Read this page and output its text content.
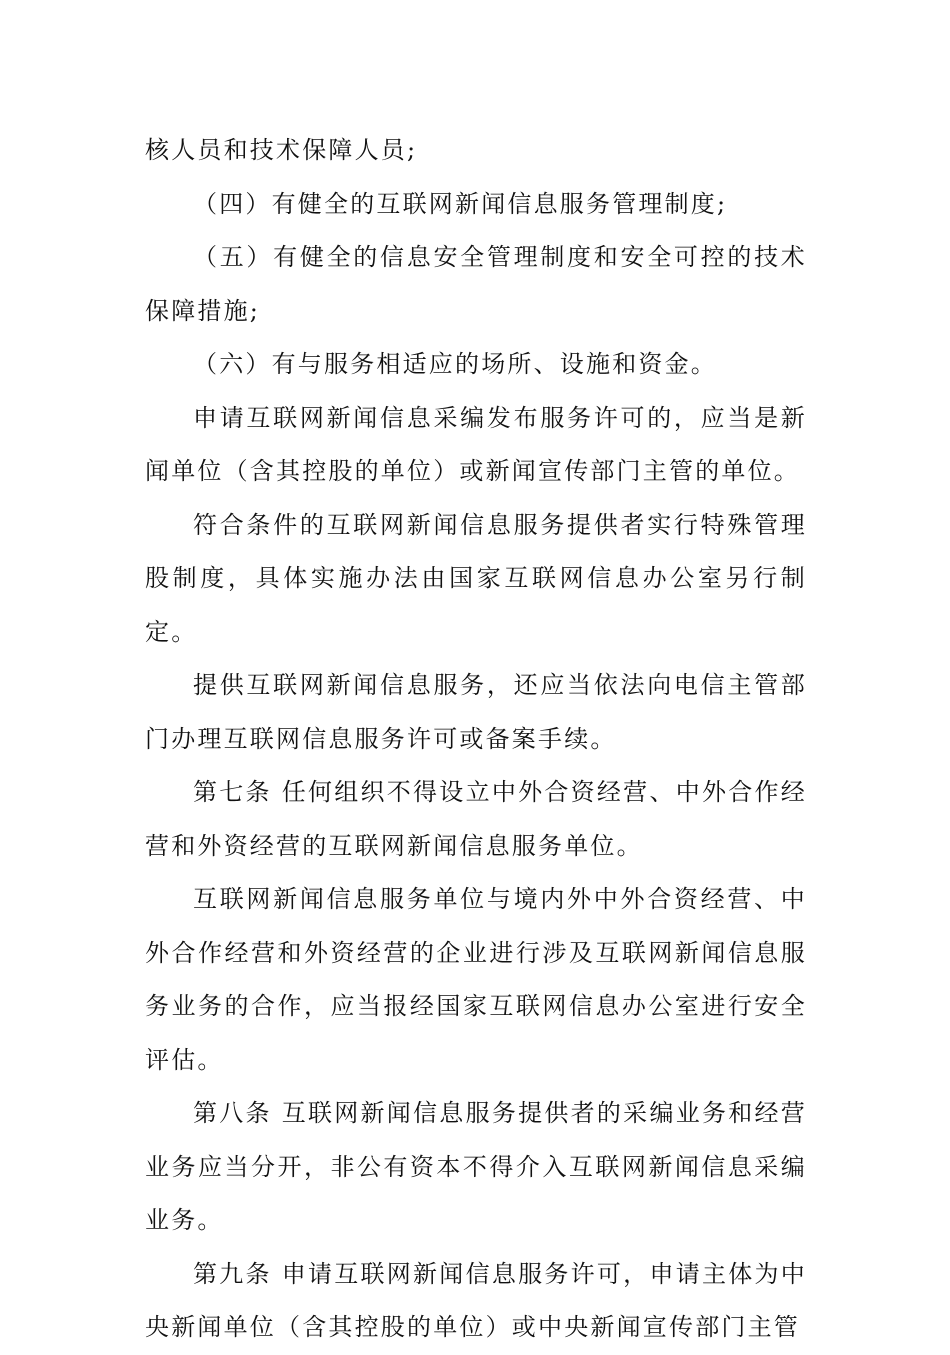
核人员和技术保障人员;

（四）有健全的互联网新闻信息服务管理制度;

（五）有健全的信息安全管理制度和安全可控的技术保障措施;

（六）有与服务相适应的场所、设施和资金。

申请互联网新闻信息采编发布服务许可的，应当是新闻单位（含其控股的单位）或新闻宣传部门主管的单位。

符合条件的互联网新闻信息服务提供者实行特殊管理股制度，具体实施办法由国家互联网信息办公室另行制定。

提供互联网新闻信息服务，还应当依法向电信主管部门办理互联网信息服务许可或备案手续。

第七条 任何组织不得设立中外合资经营、中外合作经营和外资经营的互联网新闻信息服务单位。

互联网新闻信息服务单位与境内外中外合资经营、中外合作经营和外资经营的企业进行涉及互联网新闻信息服务业务的合作，应当报经国家互联网信息办公室进行安全评估。

第八条 互联网新闻信息服务提供者的采编业务和经营业务应当分开，非公有资本不得介入互联网新闻信息采编业务。

第九条 申请互联网新闻信息服务许可，申请主体为中央新闻单位（含其控股的单位）或中央新闻宣传部门主管
